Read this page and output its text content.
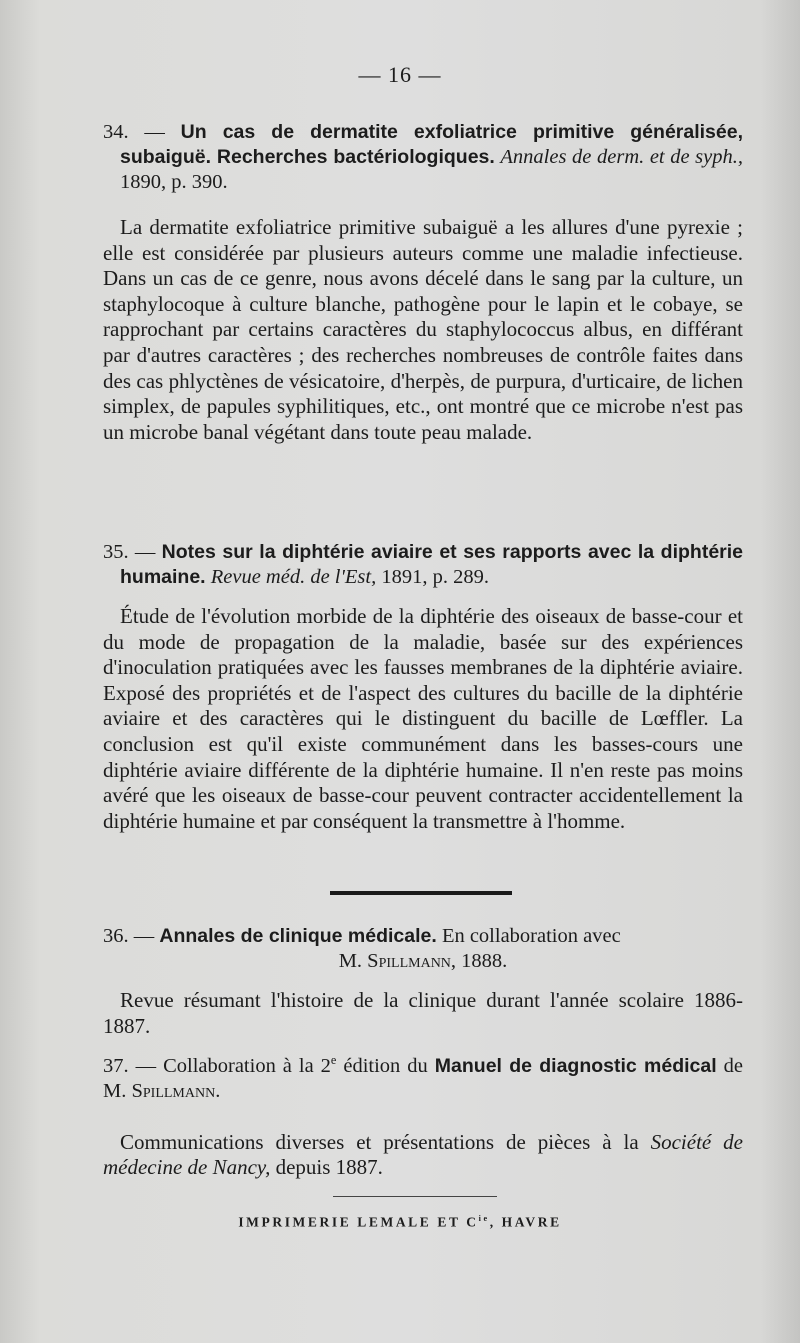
— 16 —
34. — Un cas de dermatite exfoliatrice primitive généralisée, subaiguë. Recherches bactériologiques. Annales de derm. et de syph., 1890, p. 390.

La dermatite exfoliatrice primitive subaiguë a les allures d'une pyrexie ; elle est considérée par plusieurs auteurs comme une maladie infectieuse. Dans un cas de ce genre, nous avons décelé dans le sang par la culture, un staphylocoque à culture blanche, pathogène pour le lapin et le cobaye, se rapprochant par certains caractères du staphylococcus albus, en différant par d'autres caractères ; des recherches nombreuses de contrôle faites dans des cas phlyctènes de vésicatoire, d'herpès, de purpura, d'urticaire, de lichen simplex, de papules syphilitiques, etc., ont montré que ce microbe n'est pas un microbe banal végétant dans toute peau malade.

35. — Notes sur la diphtérie aviaire et ses rapports avec la diphtérie humaine. Revue méd. de l'Est, 1891, p. 289.

Étude de l'évolution morbide de la diphtérie des oiseaux de basse-cour et du mode de propagation de la maladie, basée sur des expériences d'inoculation pratiquées avec les fausses membranes de la diphtérie aviaire. Exposé des propriétés et de l'aspect des cultures du bacille de la diphtérie aviaire et des caractères qui le distinguent du bacille de Lœffler. La conclusion est qu'il existe communément dans les basses-cours une diphtérie aviaire différente de la diphtérie humaine. Il n'en reste pas moins avéré que les oiseaux de basse-cour peuvent contracter accidentellement la diphtérie humaine et par conséquent la transmettre à l'homme.

36. — Annales de clinique médicale. En collaboration avec
M. Spillmann, 1888.

Revue résumant l'histoire de la clinique durant l'année scolaire 1886-1887.

37. — Collaboration à la 2e édition du Manuel de diagnostic médical de M. Spillmann.

Communications diverses et présentations de pièces à la Société de médecine de Nancy, depuis 1887.

IMPRIMERIE LEMALE ET $C^{ie}$, HAVRE
